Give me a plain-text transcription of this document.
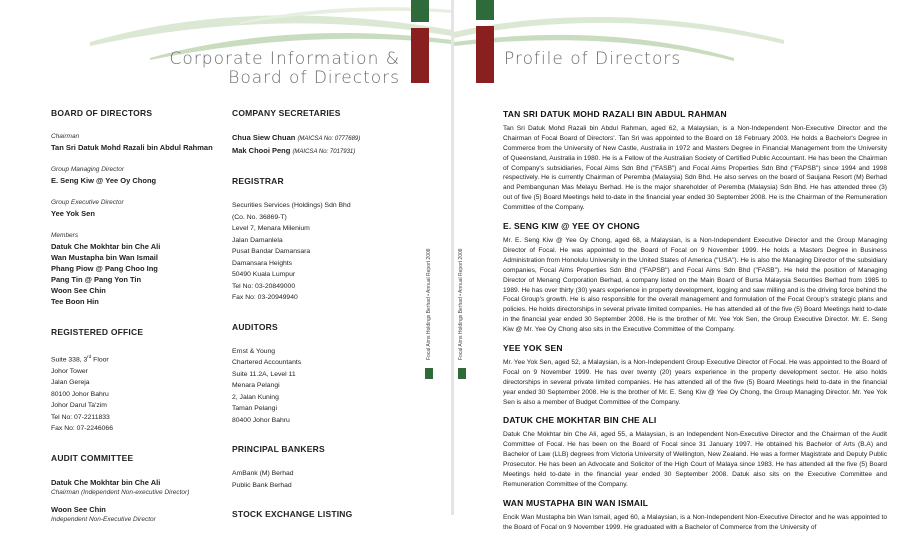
Corporate Information &
Board of Directors
BOARD OF DIRECTORS
Chairman
Tan Sri Datuk Mohd Razali bin Abdul Rahman
Group Managing Director
E. Seng Kiw @ Yee Oy Chong
Group Executive Director
Yee Yok Sen
Members
Datuk Che Mokhtar bin Che Ali
Wan Mustapha bin Wan Ismail
Phang Piow @ Pang Choo Ing
Pang Tin @ Pang Yon Tin
Woon See Chin
Tee Boon Hin
REGISTERED OFFICE
Suite 338, 3rd Floor
Johor Tower
Jalan Gereja
80100 Johor Bahru
Johor Darul Ta'zim
Tel No: 07-2211833
Fax No: 07-2246066
AUDIT COMMITTEE
Datuk Che Mokhtar bin Che Ali
Chairman (Independent Non-executive Director)
Woon See Chin
Independent Non-Executive Director
COMPANY SECRETARIES
Chua Siew Chuan (MAICSA No: 0777689)
Mak Chooi Peng (MAICSA No: 7017931)
REGISTRAR
Securities Services (Holdings) Sdn Bhd
(Co. No. 36869-T)
Level 7, Menara Milenium
Jalan Damanlela
Pusat Bandar Damansara
Damansara Heights
50490 Kuala Lumpur
Tel No: 03-20849000
Fax No: 03-20949940
AUDITORS
Ernst & Young
Chartered Accountants
Suite 11.2A, Level 11
Menara Pelangi
2, Jalan Kuning
Taman Pelangi
80400 Johor Bahru
PRINCIPAL BANKERS
AmBank (M) Berhad
Public Bank Berhad
STOCK EXCHANGE LISTING
Focal Aims Holdings Berhad • Annual Report 2008
Profile of Directors
Focal Aims Holdings Berhad • Annual Report 2008
TAN SRI DATUK MOHD RAZALI BIN ABDUL RAHMAN
Tan Sri Datuk Mohd Razali bin Abdul Rahman, aged 62, a Malaysian, is a Non-Independent Non-Executive Director and the Chairman of Focal Board of Directors'. Tan Sri was appointed to the Board on 18 February 2003. He holds a Bachelor's Degree in Commerce from the University of New Castle, Australia in 1972 and Masters Degree in Financial Management from the University of Queensland, Australia in 1980. He is a Fellow of the Australian Society of Certified Public Accountant. He has been the Chairman of Company's subsidiaries, Focal Aims Sdn Bhd ("FASB") and Focal Aims Properties Sdn Bhd ("FAPSB") since 1994 and 1998 respectively. He is currently Chairman of Peremba (Malaysia) Sdn Bhd. He also serves on the board of Saujana Resort (M) Berhad and Pembangunan Mas Melayu Berhad. He is the major shareholder of Peremba (Malaysia) Sdn Bhd. He has attended three (3) out of five (5) Board Meetings held to-date in the financial year ended 30 September 2008. He is the Chairman of the Remuneration Committee of the Company.
E. SENG KIW @ YEE OY CHONG
Mr. E. Seng Kiw @ Yee Oy Chong, aged 68, a Malaysian, is a Non-Independent Executive Director and the Group Managing Director of Focal. He was appointed to the Board of Focal on 9 November 1999. He holds a Masters Degree in Business Administration from Honolulu University in the United States of America ("USA"). He is also the Managing Director of the subsidiary companies, Focal Aims Properties Sdn Bhd ("FAPSB") and Focal Aims Sdn Bhd ("FASB"). He held the position of Managing Director of Menang Corporation Berhad, a company listed on the Main Board of Bursa Malaysia Securities Berhad from 1985 to 1989. He has over thirty (30) years experience in property development, logging and saw milling and is the driving force behind the Focal Group's growth. He is also responsible for the overall management and formulation of the Focal Group's strategic plans and policies. He holds directorships in several private limited companies. He has attended all of the five (5) Board Meetings held to-date in the financial year ended 30 September 2008. He is the brother of Mr. Yee Yok Sen, the Group Executive Director. Mr. E. Seng Kiw @ Mr. Yee Oy Chong also sits in the Executive Committee of the Company.
YEE YOK SEN
Mr. Yee Yok Sen, aged 52, a Malaysian, is a Non-Independent Group Executive Director of Focal. He was appointed to the Board of Focal on 9 November 1999. He has over twenty (20) years experience in the property development sector. He also holds directorships in several private limited companies. He has attended all of the five (5) Board Meetings held to-date in the financial year ended 30 September 2008. He is the brother of Mr. E. Seng Kiw @ Yee Oy Chong, the Group Managing Director. Mr. Yee Yok Sen is also a member of Budget Committee of the Company.
DATUK CHE MOKHTAR BIN CHE ALI
Datuk Che Mokhtar bin Che Ali, aged 55, a Malaysian, is an Independent Non-Executive Director and the Chairman of the Audit Committee of Focal. He has been on the Board of Focal since 31 January 1997. He obtained his Bachelor of Arts (B.A) and Bachelor of Law (LLB) degrees from Victoria University of Wellington, New Zealand. He was a former Magistrate and Deputy Public Prosecutor. He has been an Advocate and Solicitor of the High Court of Malaya since 1983. He has attended all the five (5) Board Meetings held to-date in the financial year ended 30 September 2008. Datuk also sits on the Executive Committee and Remuneration Committee of the Company.
WAN MUSTAPHA BIN WAN ISMAIL
Encik Wan Mustapha bin Wan Ismail, aged 60, a Malaysian, is a Non-Independent Non-Executive Director and he was appointed to the Board of Focal on 9 November 1999. He graduated with a Bachelor of Commerce from the University of
